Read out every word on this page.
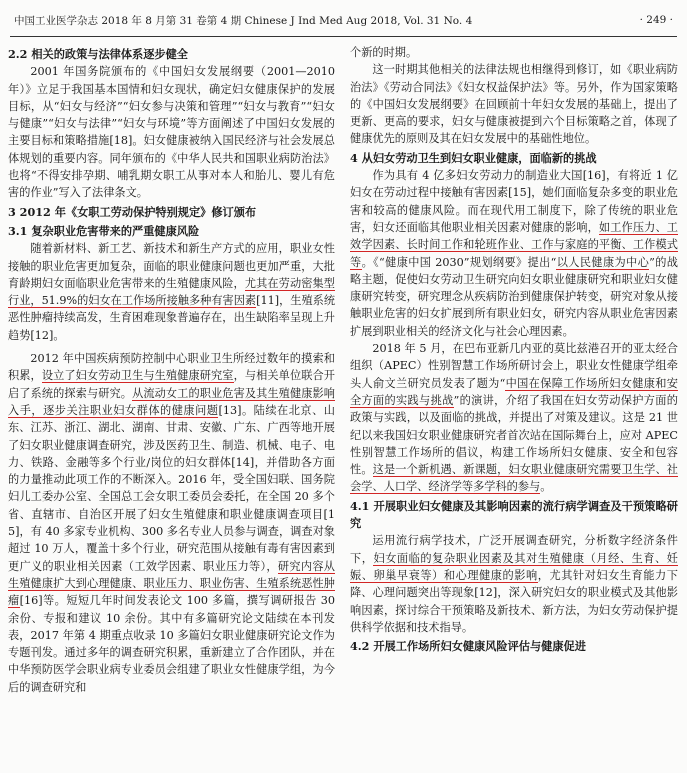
中国工业医学杂志 2018 年 8 月第 31 卷第 4 期 Chinese J Ind Med Aug 2018, Vol. 31 No. 4	· 249 ·

2.2 相关的政策与法律体系逐步健全

2001 年国务院颁布的《中国妇女发展纲要（2001—2010 年）》立足于我国基本国情和妇女现状，确定妇女健康保护的发展目标，从“妇女与经济”“妇女参与决策和管理”“妇女与教育”“妇女与健康”“妇女与法律”“妇女与环境”等方面阐述了中国妇女发展的主要目标和策略措施[18]。妇女健康被纳入国民经济与社会发展总体规划的重要内容。同年颁布的《中华人民共和国职业病防治法》也将“不得安排孕期、哺乳期女职工从事对本人和胎儿、婴儿有危害的作业”写入了法律条文。

3 2012 年《女职工劳动保护特别规定》修订颁布

3.1 复杂职业危害带来的严重健康风险

随着新材料、新工艺、新技术和新生产方式的应用，职业女性接触的职业危害更加复杂，面临的职业健康问题也更加严重，大批育龄期妇女面临职业危害带来的生殖健康风险，尤其在劳动密集型行业，51.9%的妇女在工作场所接触多种有害因素[11]，生殖系统恶性肿瘤持续高发，生育困难现象普遍存在，出生缺陷率呈现上升趋势[12]。

2012 年中国疾病预防控制中心职业卫生所经过数年的摸索和积累，设立了妇女劳动卫生与生殖健康研究室，与相关单位联合开启了系统的探索与研究。从流动女工的职业危害及其生殖健康影响入手，逐步关注职业妇女群体的健康问题[13]。陆续在北京、山东、江苏、浙江、湖北、湖南、甘肃、安徽、广东、广西等地开展了妇女职业健康调查研究，涉及医药卫生、制造、机械、电子、电力、铁路、金融等多个行业/岗位的妇女群体[14]，并借助各方面的力量推动此项工作的不断深入。2016 年，受全国妇联、国务院妇儿工委办公室、全国总工会女职工委员会委托，在全国 20 多个省、直辖市、自治区开展了妇女生殖健康和职业健康调查项目[15]，有 40 多家专业机构、300 多名专业人员参与调查，调查对象超过 10 万人，覆盖十多个行业，研究范围从接触有毒有害因素到更广义的职业相关因素（工效学因素、职业压力等），研究内容从生殖健康扩大到心理健康、职业压力、职业伤害、生殖系统恶性肿瘤[16]等。短短几年时间发表论文 100 多篇，撰写调研报告 30 余份、专报和建议 10 余份。其中有多篇研究论文陆续在本刊发表，2017 年第 4 期重点收录 10 多篇妇女职业健康研究论文作为专题刊发。通过多年的调查研究积累，重新建立了合作团队，并在中华预防医学会职业病专业委员会组建了职业女性健康学组，为今后的调查研究和

个新的时期。

这一时期其他相关的法律法规也相继得到修订，如《职业病防治法》《劳动合同法》《妇女权益保护法》等。另外，作为国家策略的《中国妇女发展纲要》在回顾前十年妇女发展的基础上，提出了更新、更高的要求，妇女与健康被提到六个目标策略之首，体现了健康优先的原则及其在妇女发展中的基础性地位。

4 从妇女劳动卫生到妇女职业健康，面临新的挑战

作为具有 4 亿多妇女劳动力的制造业大国[16]，有将近 1 亿妇女在劳动过程中接触有害因素[15]，她们面临复杂多变的职业危害和较高的健康风险。而在现代用工制度下，除了传统的职业危害，妇女还面临其他职业相关因素对健康的影响，如工作压力、工效学因素、长时间工作和轮班作业、工作与家庭的平衡、工作模式等。《“健康中国 2030”规划纲要》提出“以人民健康为中心”的战略主题，促使妇女劳动卫生研究向妇女职业健康研究和职业妇女健康研究转变，研究理念从疾病防治到健康保护转变，研究对象从接触职业危害的妇女扩展到所有职业妇女，研究内容从职业危害因素扩展到职业相关的经济文化与社会心理因素。

2018 年 5 月，在巴布亚新几内亚的莫比兹港召开的亚太经合组织（APEC）性别智慧工作场所研讨会上，职业女性健康学组牵头人俞文兰研究员发表了题为“中国在保障工作场所妇女健康和安全方面的实践与挑战”的演讲，介绍了我国在妇女劳动保护方面的政策与实践，以及面临的挑战，并提出了对策及建议。这是 21 世纪以来我国妇女职业健康研究者首次站在国际舞台上，应对 APEC 性别智慧工作场所的倡议，构建工作场所妇女健康、安全和包容性。这是一个新机遇、新课题，妇女职业健康研究需要卫生学、社会学、人口学、经济学等多学科的参与。

4.1 开展职业妇女健康及其影响因素的流行病学调查及干预策略研究

运用流行病学技术，广泛开展调查研究，分析数字经济条件下，妇女面临的复杂职业因素及其对生殖健康（月经、生育、妊娠、卵巢早衰等）和心理健康的影响，尤其针对妇女生育能力下降、心理问题突出等现象[12]，深入研究妇女的职业模式及其他影响因素，探讨综合干预策略及新技术、新方法，为妇女劳动保护提供科学依据和技术指导。

4.2 开展工作场所妇女健康风险评估与健康促进
